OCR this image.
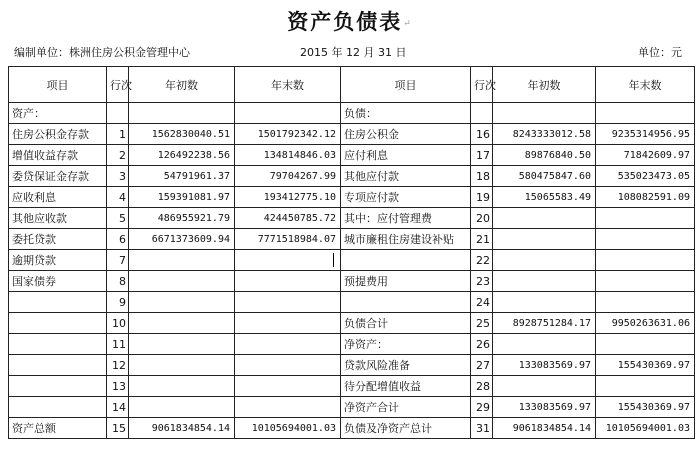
资产负债表↵
编制单位：株洲住房公积金管理中心	2015 年 12 月 31 日	单位：元
项目	行次	年初数	年末数	项目	行次	年初数	年末数
资产：				负债：			
住房公积金存款	1	1562830040.51	1501792342.12	住房公积金	16	8243333012.58	9235314956.95
增值收益存款	2	126492238.56	134814846.03	应付利息	17	89876840.50	71842609.97
委贷保证金存款	3	54791961.37	79704267.99	其他应付款	18	580475847.60	535023473.05
应收利息	4	159391081.97	193412775.10	专项应付款	19	15065583.49	108082591.09
其他应收款	5	486955921.79	424450785.72	其中：应付管理费	20		
委托贷款	6	6671373609.94	7771518984.07	城市廉租住房建设补贴	21		
逾期贷款	7				22		
国家债券	8			预提费用	23		
	9				24		
	10			负债合计	25	8928751284.17	9950263631.06
	11			净资产：	26		
	12			贷款风险准备	27	133083569.97	155430369.97
	13			待分配增值收益	28		
	14			净资产合计	29	133083569.97	155430369.97
资产总额	15	9061834854.14	10105694001.03	负债及净资产总计	31	9061834854.14	10105694001.03
